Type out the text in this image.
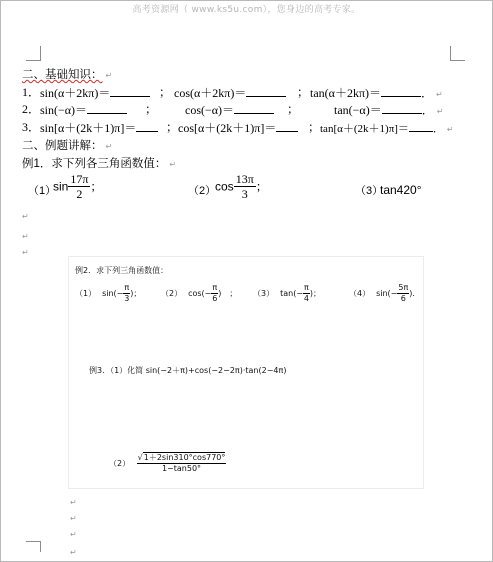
高考资源网（ www.ks5u.com），您身边的高考专家。
二、基础知识： ↵
1． sin(α＋2kπ)＝	； cos(α＋2kπ)＝	； tan(α＋2kπ)＝	． ↵
2． sin(−α)＝	； cos(−α)＝	；	tan(−α)＝	． ↵
3． sin[α＋(2k＋1)π]＝	； cos[α＋(2k＋1)π]＝	； tan[α＋(2k＋1)π]＝ ． ↵
二、例题讲解： ↵
例1．求下列各三角函数值： ↵
（1）
$\sin \frac{17\pi}{2}$ ；	（2）
$\cos \frac{13\pi}{3}$ ；	（3）
tan420°
↵
↵
↵
例2．求下列三角函数值：
（1） $\sin(- \frac{\pi}{3}$ )； （2） $\cos(- \frac{\pi}{6}$ )　； （3） $\tan(- \frac{\pi}{4}$ )；	（4） $\sin(- \frac{5\pi}{6}$ ).
例3．（1）化简 sin(−2＋π)+cos(−2−2π)·tan(2−4π)
$(2) \frac{√1+2\sin 310^\circ\cos 770^\circ}{1-\tan 50^\circ}$
↵
↵
↵
↵
